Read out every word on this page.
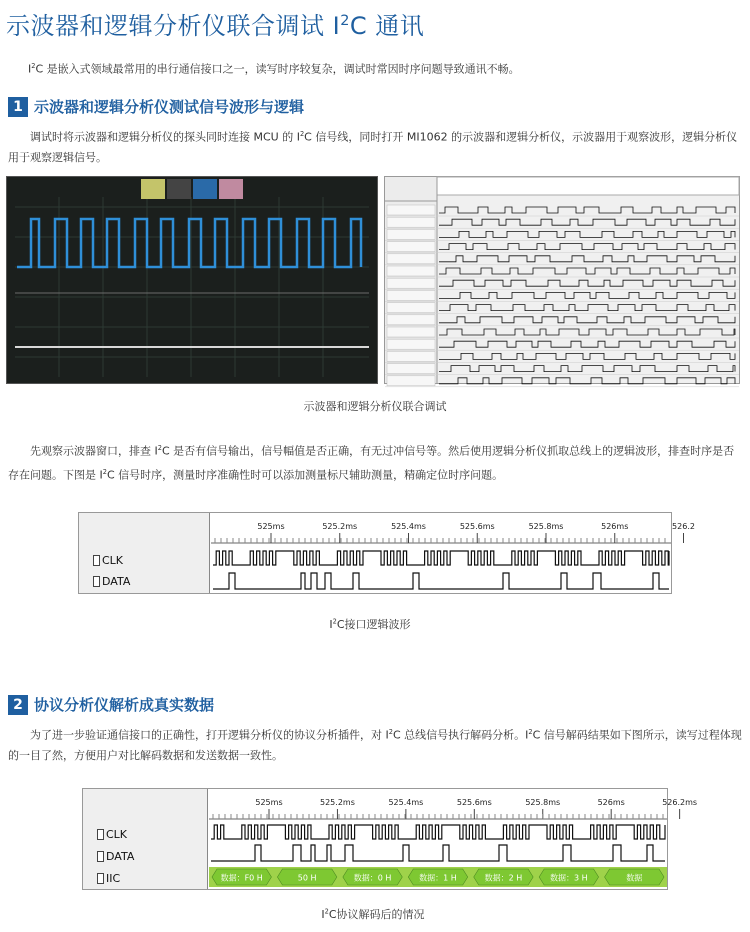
示波器和逻辑分析仪联合调试 $I^2C$ 通讯
$I^2C$ 是嵌入式领域最常用的串行通信接口之一，读写时序较复杂，调试时常因时序问题导致通讯不畅。
1 示波器和逻辑分析仪测试信号波形与逻辑
调试时将示波器和逻辑分析仪的探头同时连接 MCU 的 $I^2C$ 信号线，同时打开 MI1062 的示波器和逻辑分析仪，示波器用于观察波形，逻辑分析仪用于观察逻辑信号。
示波器和逻辑分析仪联合调试
先观察示波器窗口，排查 $I^2C$ 是否有信号输出，信号幅值是否正确，有无过冲信号等。然后使用逻辑分析仪抓取总线上的逻辑波形，排查时序是否存在问题。下图是 $I^2C$ 信号时序，测量时序准确性时可以添加测量标尺辅助测量，精确定位时序问题。
CLK
DATA
525ms	525.2ms	525.4ms	525.6ms	525.8ms	526ms	526.2
$I^2C$接口逻辑波形
2 协议分析仪解析成真实数据
为了进一步验证通信接口的正确性，打开逻辑分析仪的协议分析插件，对 $I^2C$ 总线信号执行解码分析。$I^2C$ 信号解码结果如下图所示，读写过程体现的一目了然，方便用户对比解码数据和发送数据一致性。
CLK
DATA
IIC
525ms	525.2ms	525.4ms	525.6ms	525.8ms	526ms	526.2ms
数据：F0 H	50 H	数据：0 H	数据：1 H	数据：2 H	数据：3 H	数据
$I^2C$协议解码后的情况
